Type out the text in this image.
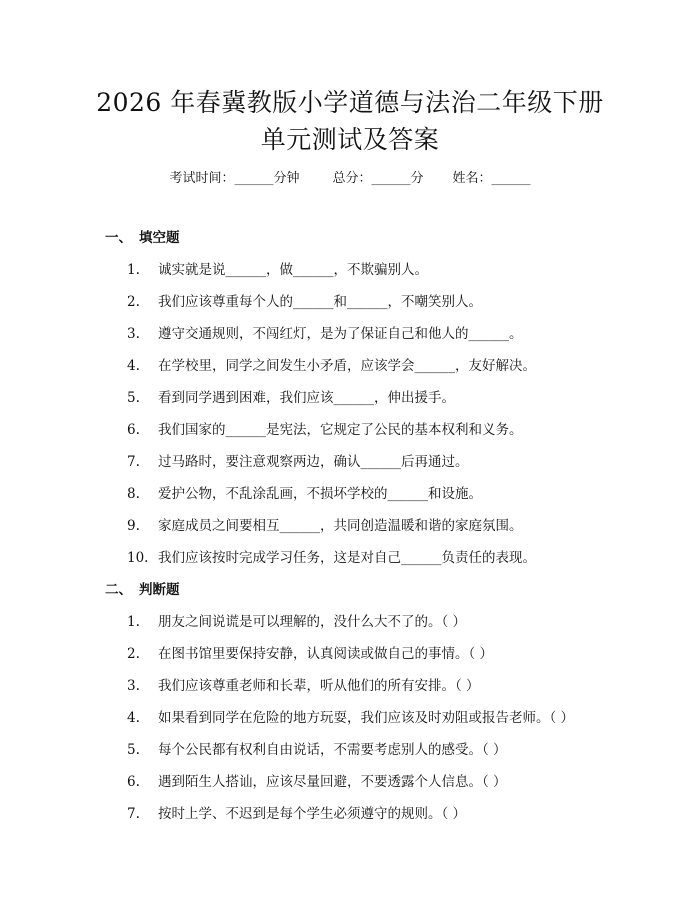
2026 年春冀教版小学道德与法治二年级下册
单元测试及答案
考试时间：______分钟	总分：______分 姓名：______
一、 填空题
1. 诚实就是说______，做______，不欺骗别人。
2. 我们应该尊重每个人的______和______，不嘲笑别人。
3. 遵守交通规则，不闯红灯，是为了保证自己和他人的______。
4. 在学校里，同学之间发生小矛盾，应该学会______，友好解决。
5. 看到同学遇到困难，我们应该______，伸出援手。
6. 我们国家的______是宪法，它规定了公民的基本权利和义务。
7. 过马路时，要注意观察两边，确认______后再通过。
8. 爱护公物，不乱涂乱画，不损坏学校的______和设施。
9. 家庭成员之间要相互______，共同创造温暖和谐的家庭氛围。
10. 我们应该按时完成学习任务，这是对自己______负责任的表现。
二、 判断题
1. 朋友之间说谎是可以理解的，没什么大不了的。（ ）
2. 在图书馆里要保持安静，认真阅读或做自己的事情。（ ）
3. 我们应该尊重老师和长辈，听从他们的所有安排。（ ）
4. 如果看到同学在危险的地方玩耍，我们应该及时劝阻或报告老师。（ ）
5. 每个公民都有权利自由说话，不需要考虑别人的感受。（ ）
6. 遇到陌生人搭讪，应该尽量回避，不要透露个人信息。（ ）
7. 按时上学、不迟到是每个学生必须遵守的规则。（ ）
